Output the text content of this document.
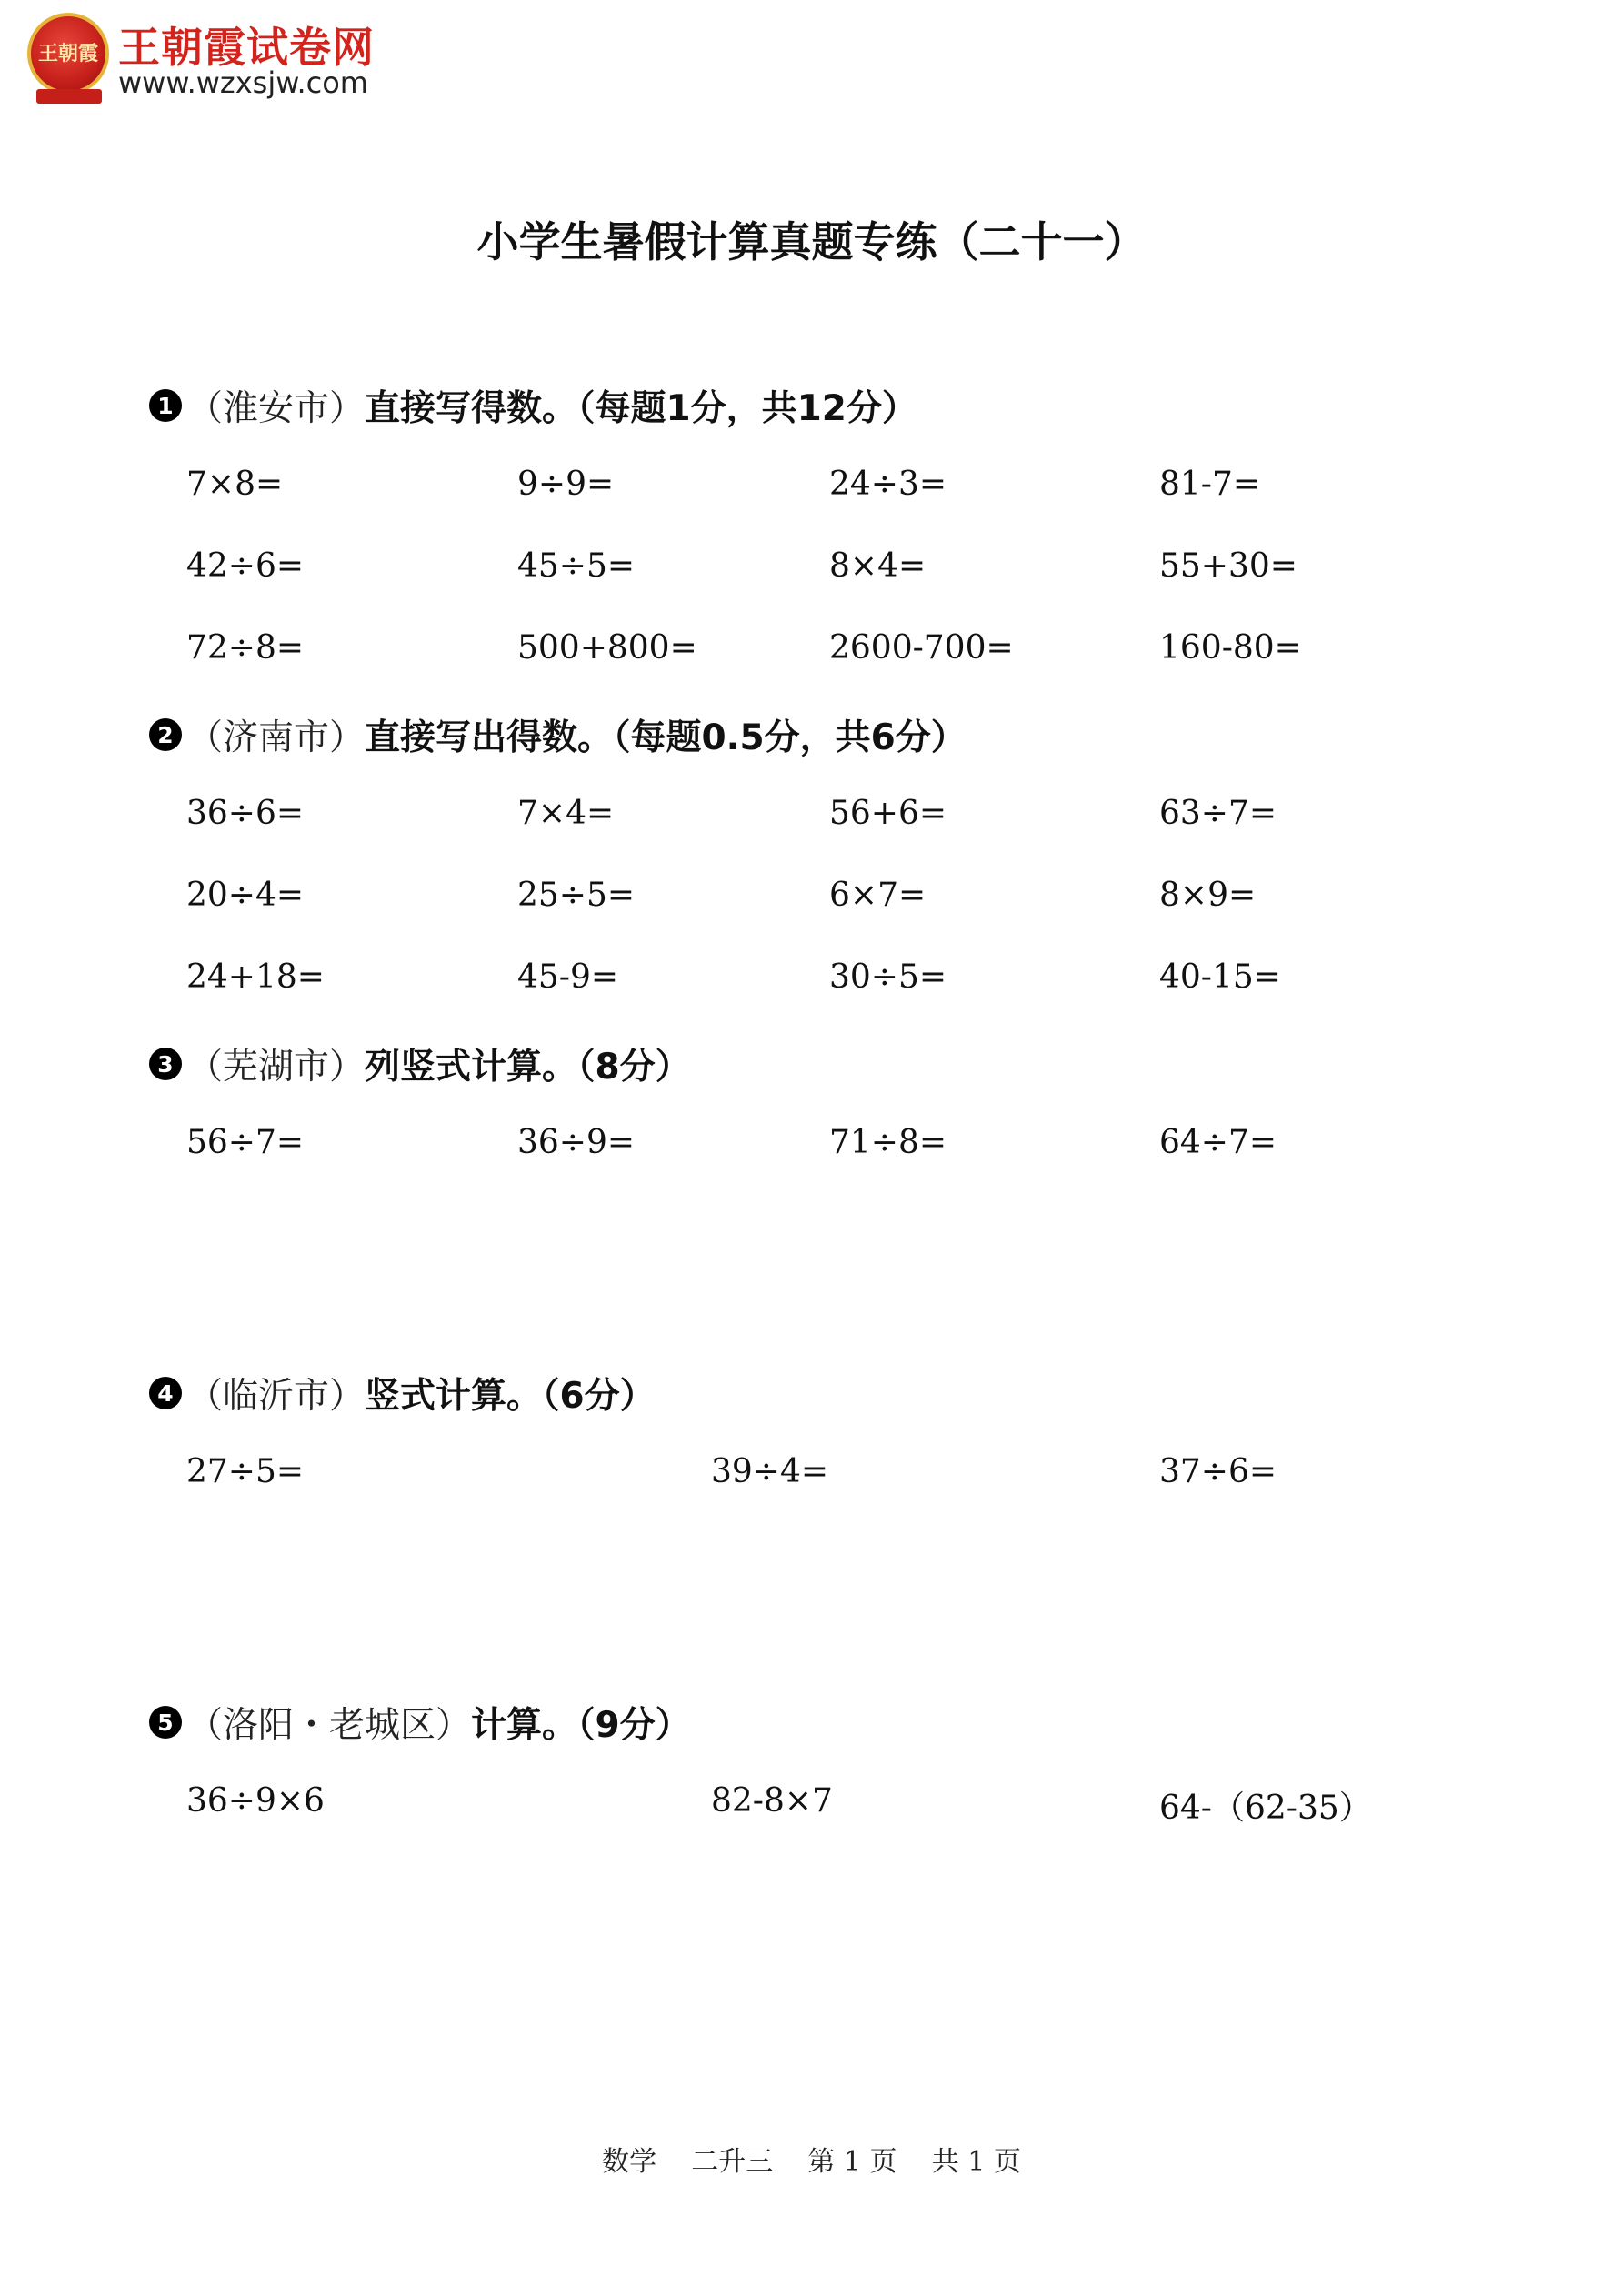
王朝霞 王朝霞试卷网
www.wzxsjw.com
小学生暑假计算真题专练（二十一）
1 （淮安市） 直接写得数。（每题1分，共12分）
7×8=	9÷9=	24÷3=	81-7=
42÷6=	45÷5=	8×4=	55+30=
72÷8=	500+800=	2600-700=	160-80=
2 （济南市） 直接写出得数。（每题0.5分，共6分）
36÷6=	7×4=	56+6=	63÷7=
20÷4=	25÷5=	6×7=	8×9=
24+18=	45-9=	30÷5=	40-15=
3 （芜湖市） 列竖式计算。（8分）
56÷7=	36÷9=	71÷8=	64÷7=
4 （临沂市） 竖式计算。（6分）
27÷5=	39÷4=	37÷6=
5 （洛阳・老城区） 计算。（9分）
36÷9×6	82-8×7	64-（62-35）
数学    二升三    第 1 页    共 1 页
